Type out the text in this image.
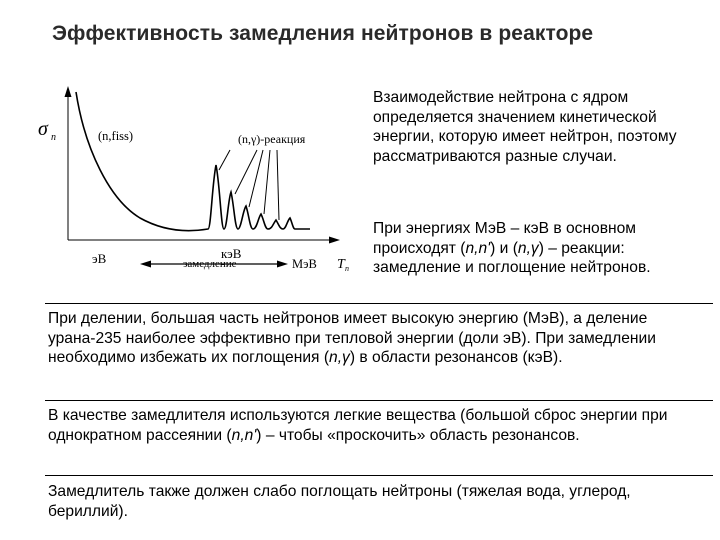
Эффективность замедления нейтронов в реакторе
σ n	(n,fiss)	(n,γ)-реакция
эВ	кэВ
замедление	МэВ T n
Взаимодействие нейтрона с ядром определяется значением кинетической энергии, которую имеет нейтрон, поэтому рассматриваются разные случаи.
При энергиях МэВ – кэВ в основном происходят (n,n') и (n,γ) – реакции: замедление и поглощение нейтронов.
При делении, большая часть нейтронов имеет высокую энергию (МэВ), а деление урана-235 наиболее эффективно при тепловой энергии (доли эВ). При замедлении необходимо избежать их поглощения (n,γ) в области резонансов (кэВ).
В качестве замедлителя используются легкие вещества (большой сброс энергии при однократном рассеянии (n,n') – чтобы «проскочить» область резонансов.
Замедлитель также должен слабо поглощать нейтроны (тяжелая вода, углерод, бериллий).
